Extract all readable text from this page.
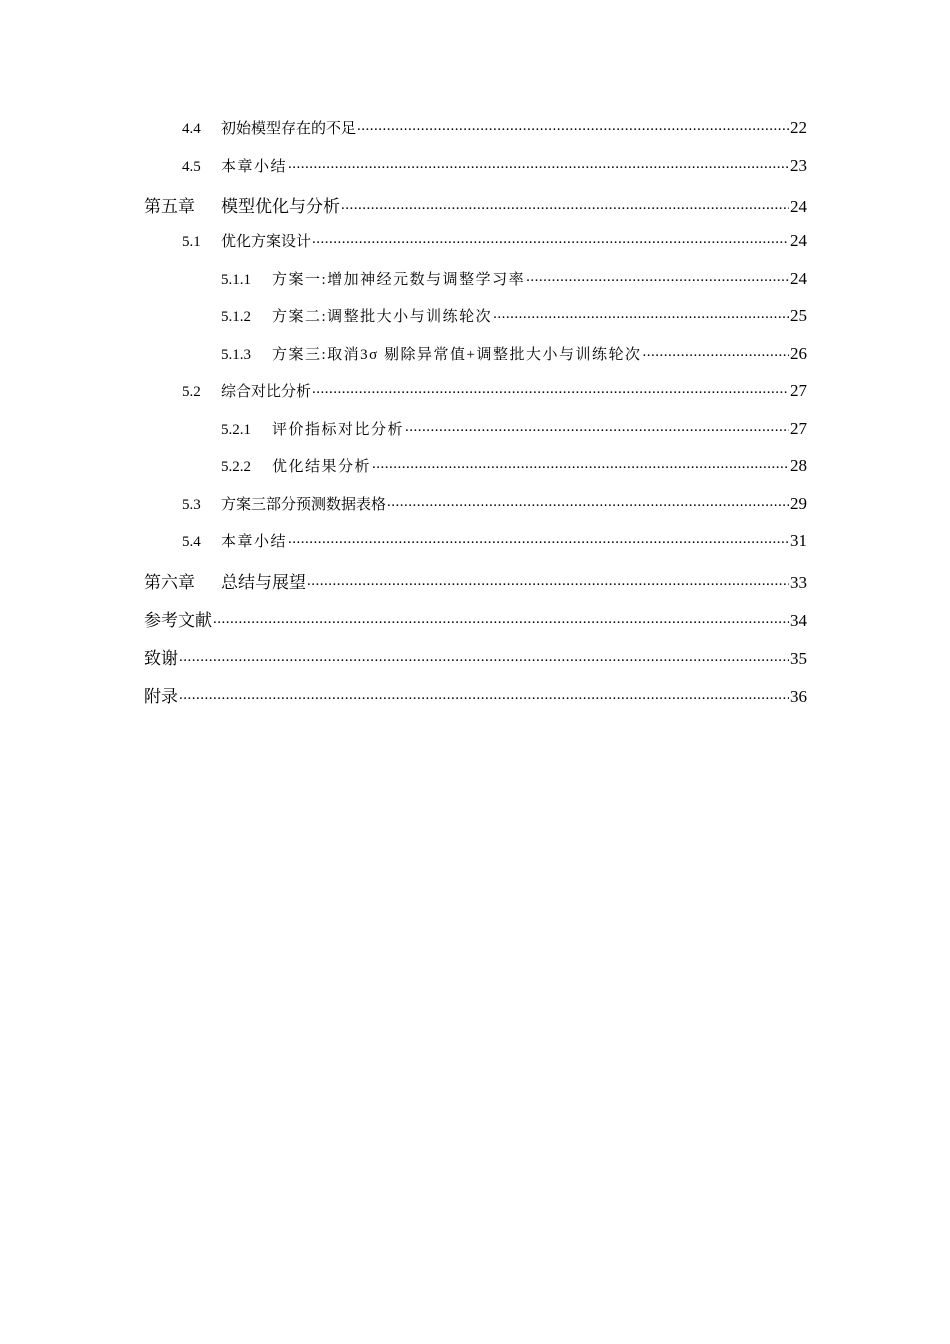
4.4	初始模型存在的不足 .....	22
4.5	本章小结 .....	23
第五章	模型优化与分析 .....	24
5.1	优化方案设计 .....	24
5.1.1	方案一:增加神经元数与调整学习率 .....	24
5.1.2	方案二:调整批大小与训练轮次 .....	25
5.1.3	方案三:取消3σ 剔除异常值+调整批大小与训练轮次 .....	26
5.2	综合对比分析 .....	27
5.2.1	评价指标对比分析 .....	27
5.2.2	优化结果分析 .....	28
5.3	方案三部分预测数据表格 .....	29
5.4	本章小结 .....	31
第六章	总结与展望 .....	33
参考文献 .....	34
致谢 .....	35
附录 .....	36
